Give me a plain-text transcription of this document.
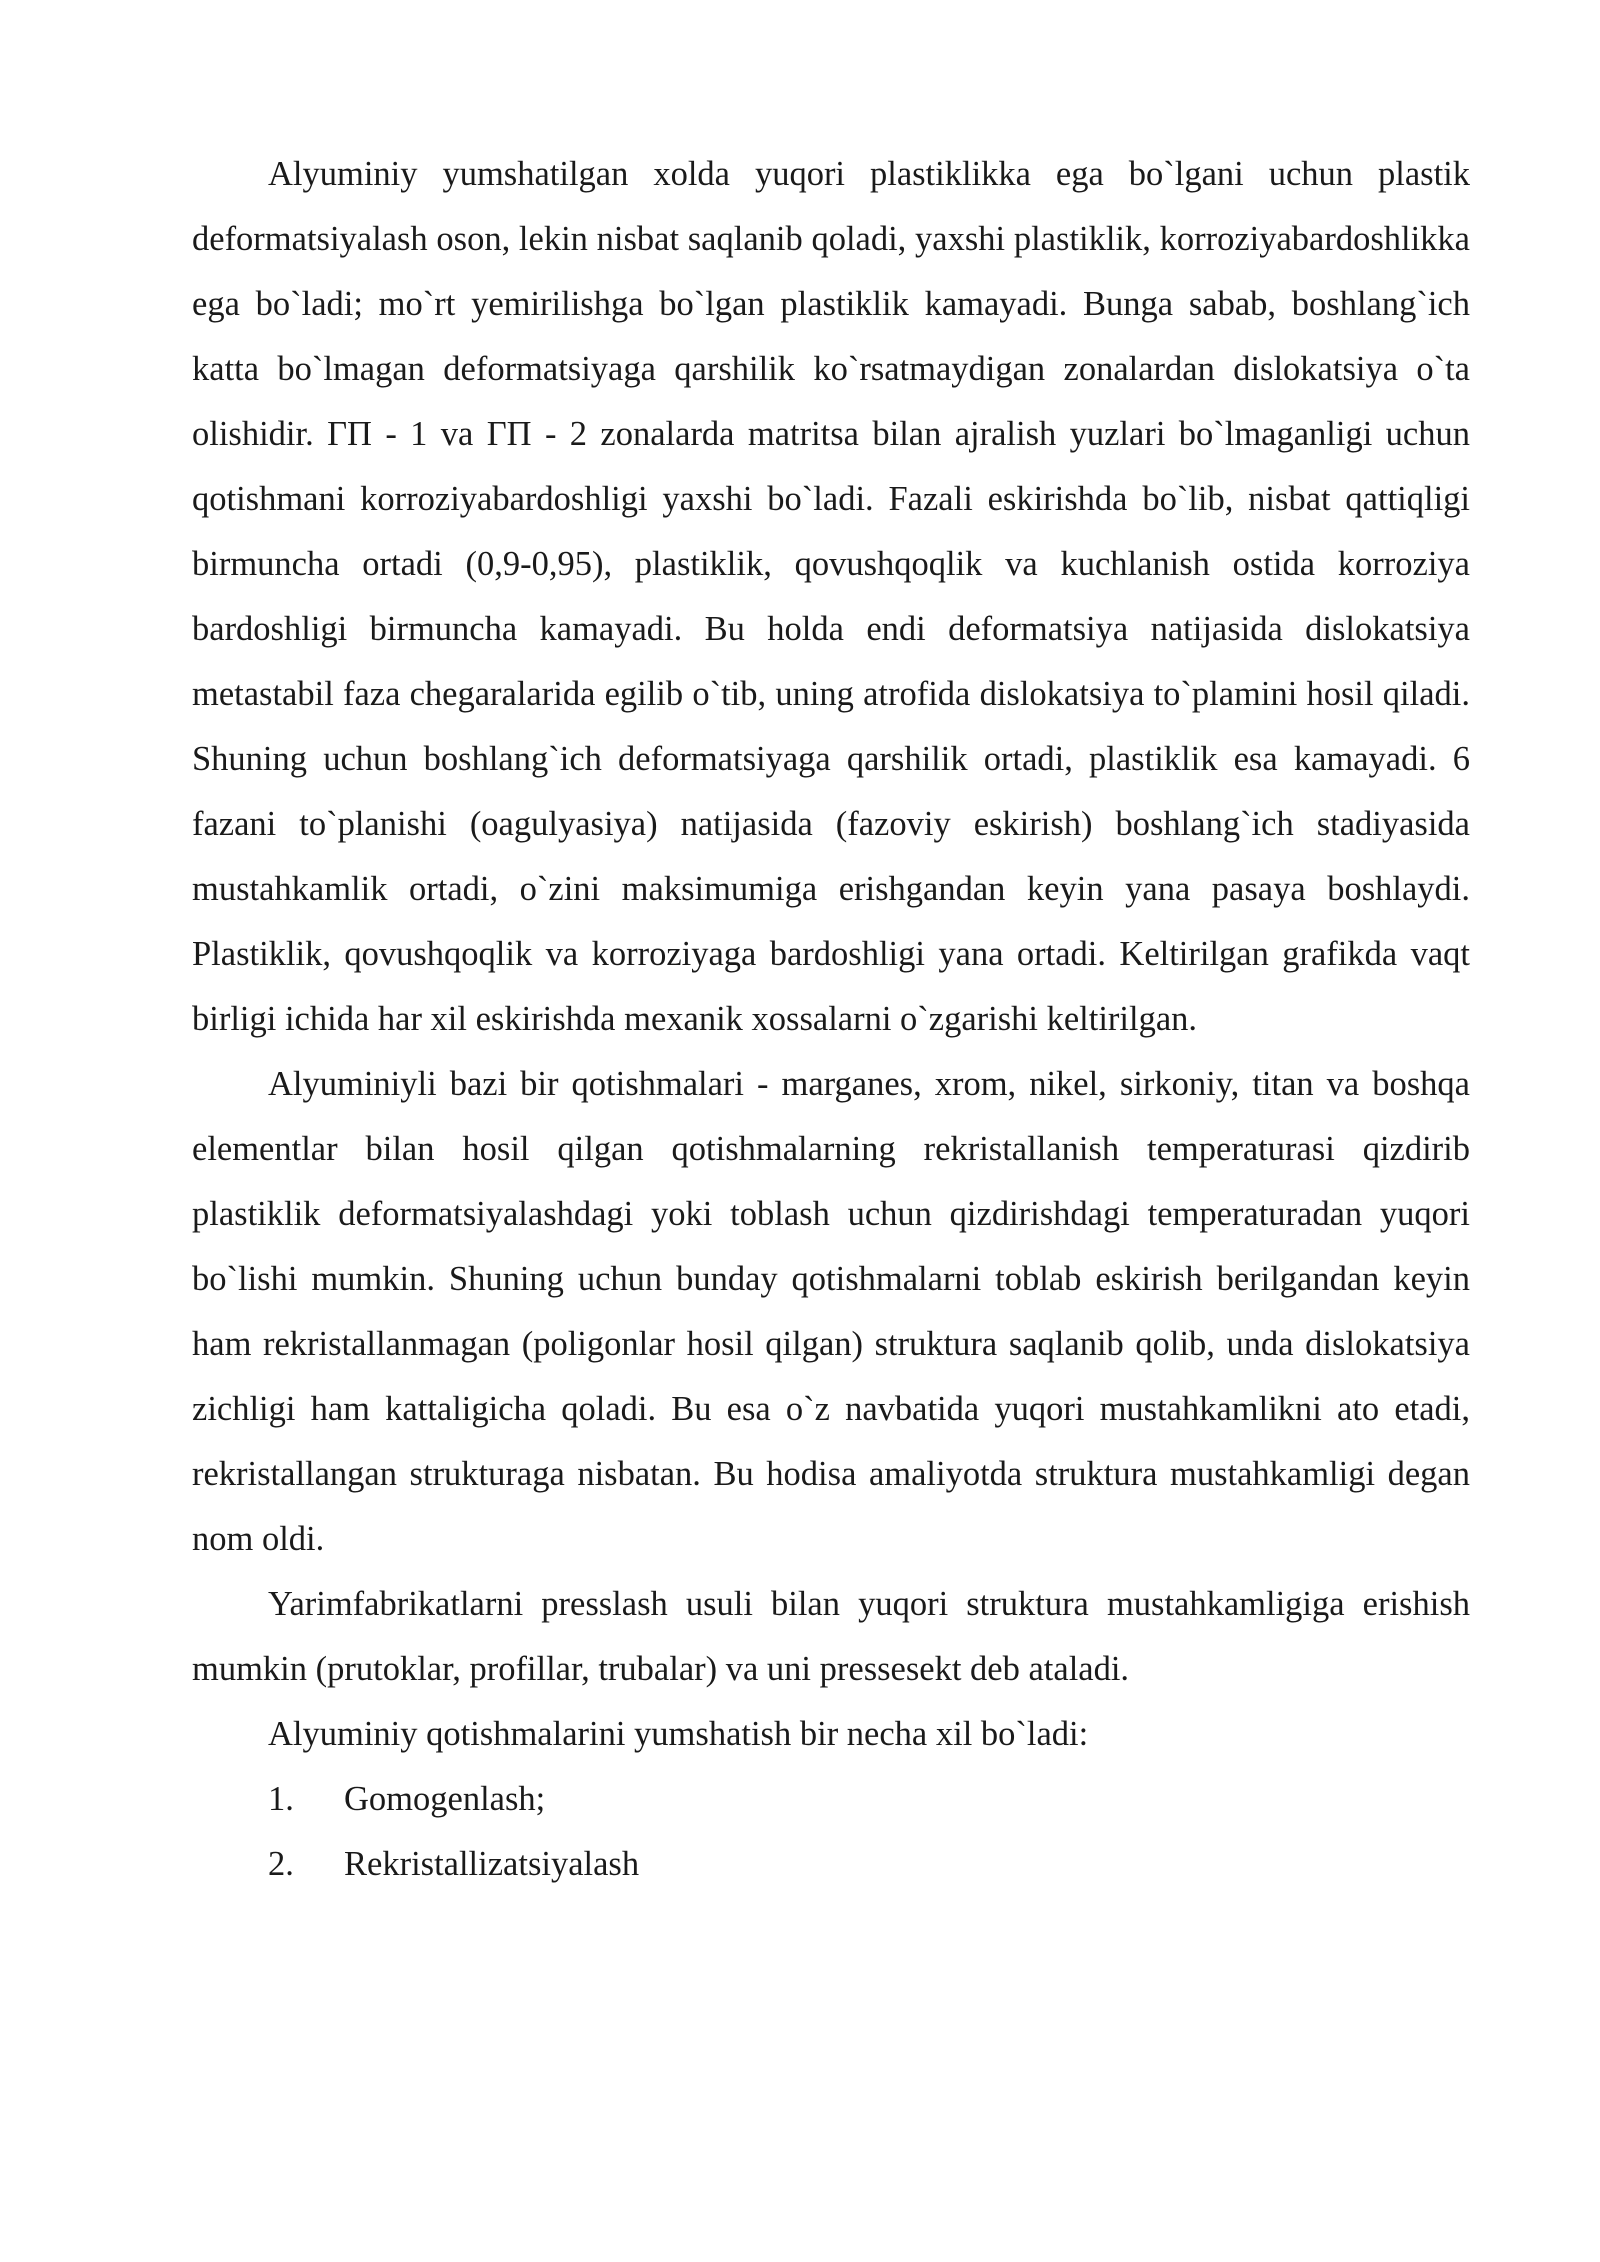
Alyuminiy yumshatilgan xolda yuqori plastiklikka ega bo`lgani uchun plastik deformatsiyalash oson, lekin nisbat saqlanib qoladi, yaxshi plastiklik, korroziyabardoshlikka ega bo`ladi; mo`rt yemirilishga bo`lgan plastiklik kamayadi. Bunga sabab, boshlang`ich katta bo`lmagan deformatsiyaga qarshilik ko`rsatmaydigan zonalardan dislokatsiya o`ta olishidir. ГП - 1 va ГП - 2 zonalarda matritsa bilan ajralish yuzlari bo`lmaganligi uchun qotishmani korroziyabardoshligi yaxshi bo`ladi. Fazali eskirishda bo`lib, nisbat qattiqligi birmuncha ortadi (0,9-0,95), plastiklik, qovushqoqlik va kuchlanish ostida korroziya bardoshligi birmuncha kamayadi. Bu holda endi deformatsiya natijasida dislokatsiya metastabil faza chegaralarida egilib o`tib, uning atrofida dislokatsiya to`plamini hosil qiladi. Shuning uchun boshlang`ich deformatsiyaga qarshilik ortadi, plastiklik esa kamayadi. 6 fazani to`planishi (oagulyasiya) natijasida (fazoviy eskirish) boshlang`ich stadiyasida mustahkamlik ortadi, o`zini maksimumiga erishgandan keyin yana pasaya boshlaydi. Plastiklik, qovushqoqlik va korroziyaga bardoshligi yana ortadi. Keltirilgan grafikda vaqt birligi ichida har xil eskirishda mexanik xossalarni o`zgarishi keltirilgan.

Alyuminiyli bazi bir qotishmalari - marganes, xrom, nikel, sirkoniy, titan va boshqa elementlar bilan hosil qilgan qotishmalarning rekristallanish temperaturasi qizdirib plastiklik deformatsiyalashdagi yoki toblash uchun qizdirishdagi temperaturadan yuqori bo`lishi mumkin. Shuning uchun bunday qotishmalarni toblab eskirish berilgandan keyin ham rekristallanmagan (poligonlar hosil qilgan) struktura saqlanib qolib, unda dislokatsiya zichligi ham kattaligicha qoladi. Bu esa o`z navbatida yuqori mustahkamlikni ato etadi, rekristallangan strukturaga nisbatan. Bu hodisa amaliyotda struktura mustahkamligi degan nom oldi.

Yarimfabrikatlarni presslash usuli bilan yuqori struktura mustahkamligiga erishish mumkin (prutoklar, profillar, trubalar) va uni pressesekt deb ataladi.

Alyuminiy qotishmalarini yumshatish bir necha xil bo`ladi:

1.	Gomogenlash;
2.	Rekristallizatsiyalash
